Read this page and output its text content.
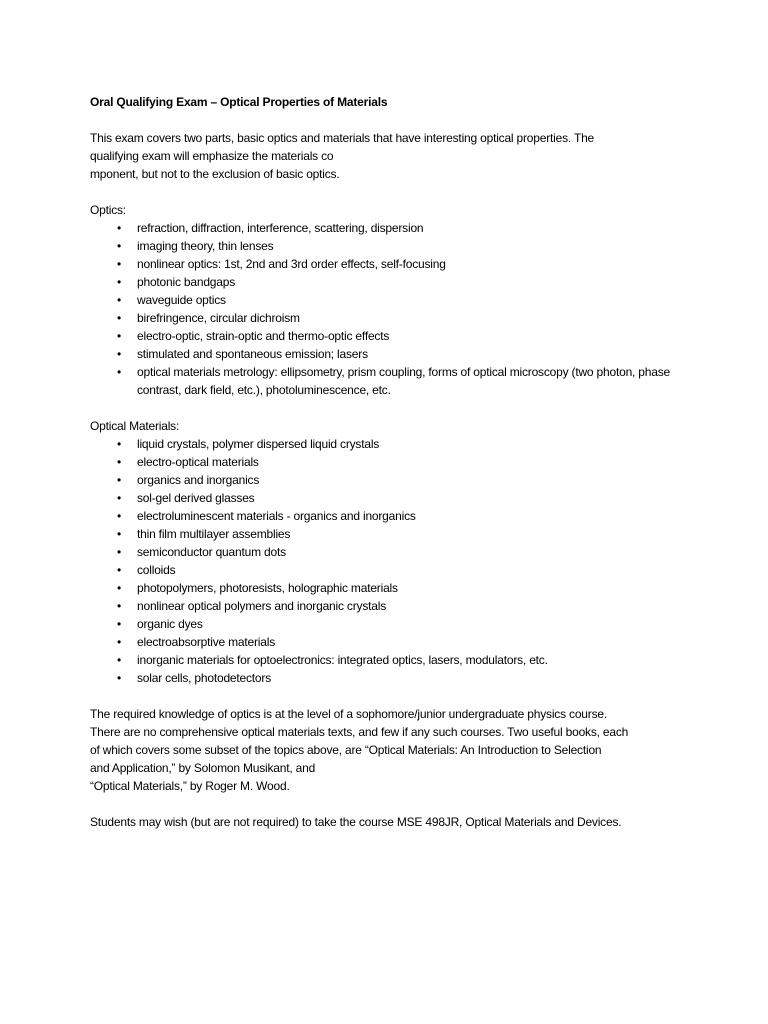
Oral Qualifying Exam – Optical Properties of Materials
This exam covers two parts, basic optics and materials that have interesting optical properties. The
qualifying exam will emphasize the materials co
mponent, but not to the exclusion of basic optics.
Optics:
• refraction, diffraction, interference, scattering, dispersion
• imaging theory, thin lenses
• nonlinear optics: 1st, 2nd and 3rd order effects, self-focusing
• photonic bandgaps
• waveguide optics
• birefringence, circular dichroism
• electro-optic, strain-optic and thermo-optic effects
• stimulated and spontaneous emission; lasers
• optical materials metrology: ellipsometry, prism coupling, forms of optical microscopy (two photon, phase contrast, dark field, etc.), photoluminescence, etc.
Optical Materials:
• liquid crystals, polymer dispersed liquid crystals
• electro-optical materials
• organics and inorganics
• sol-gel derived glasses
• electroluminescent materials - organics and inorganics
• thin film multilayer assemblies
• semiconductor quantum dots
• colloids
• photopolymers, photoresists, holographic materials
• nonlinear optical polymers and inorganic crystals
• organic dyes
• electroabsorptive materials
• inorganic materials for optoelectronics: integrated optics, lasers, modulators, etc.
• solar cells, photodetectors
The required knowledge of optics is at the level of a sophomore/junior undergraduate physics course.
There are no comprehensive optical materials texts, and few if any such courses. Two useful books, each
of which covers some subset of the topics above, are “Optical Materials: An Introduction to Selection
and Application,” by Solomon Musikant, and
“Optical Materials,” by Roger M. Wood.
Students may wish (but are not required) to take the course MSE 498JR, Optical Materials and Devices.
